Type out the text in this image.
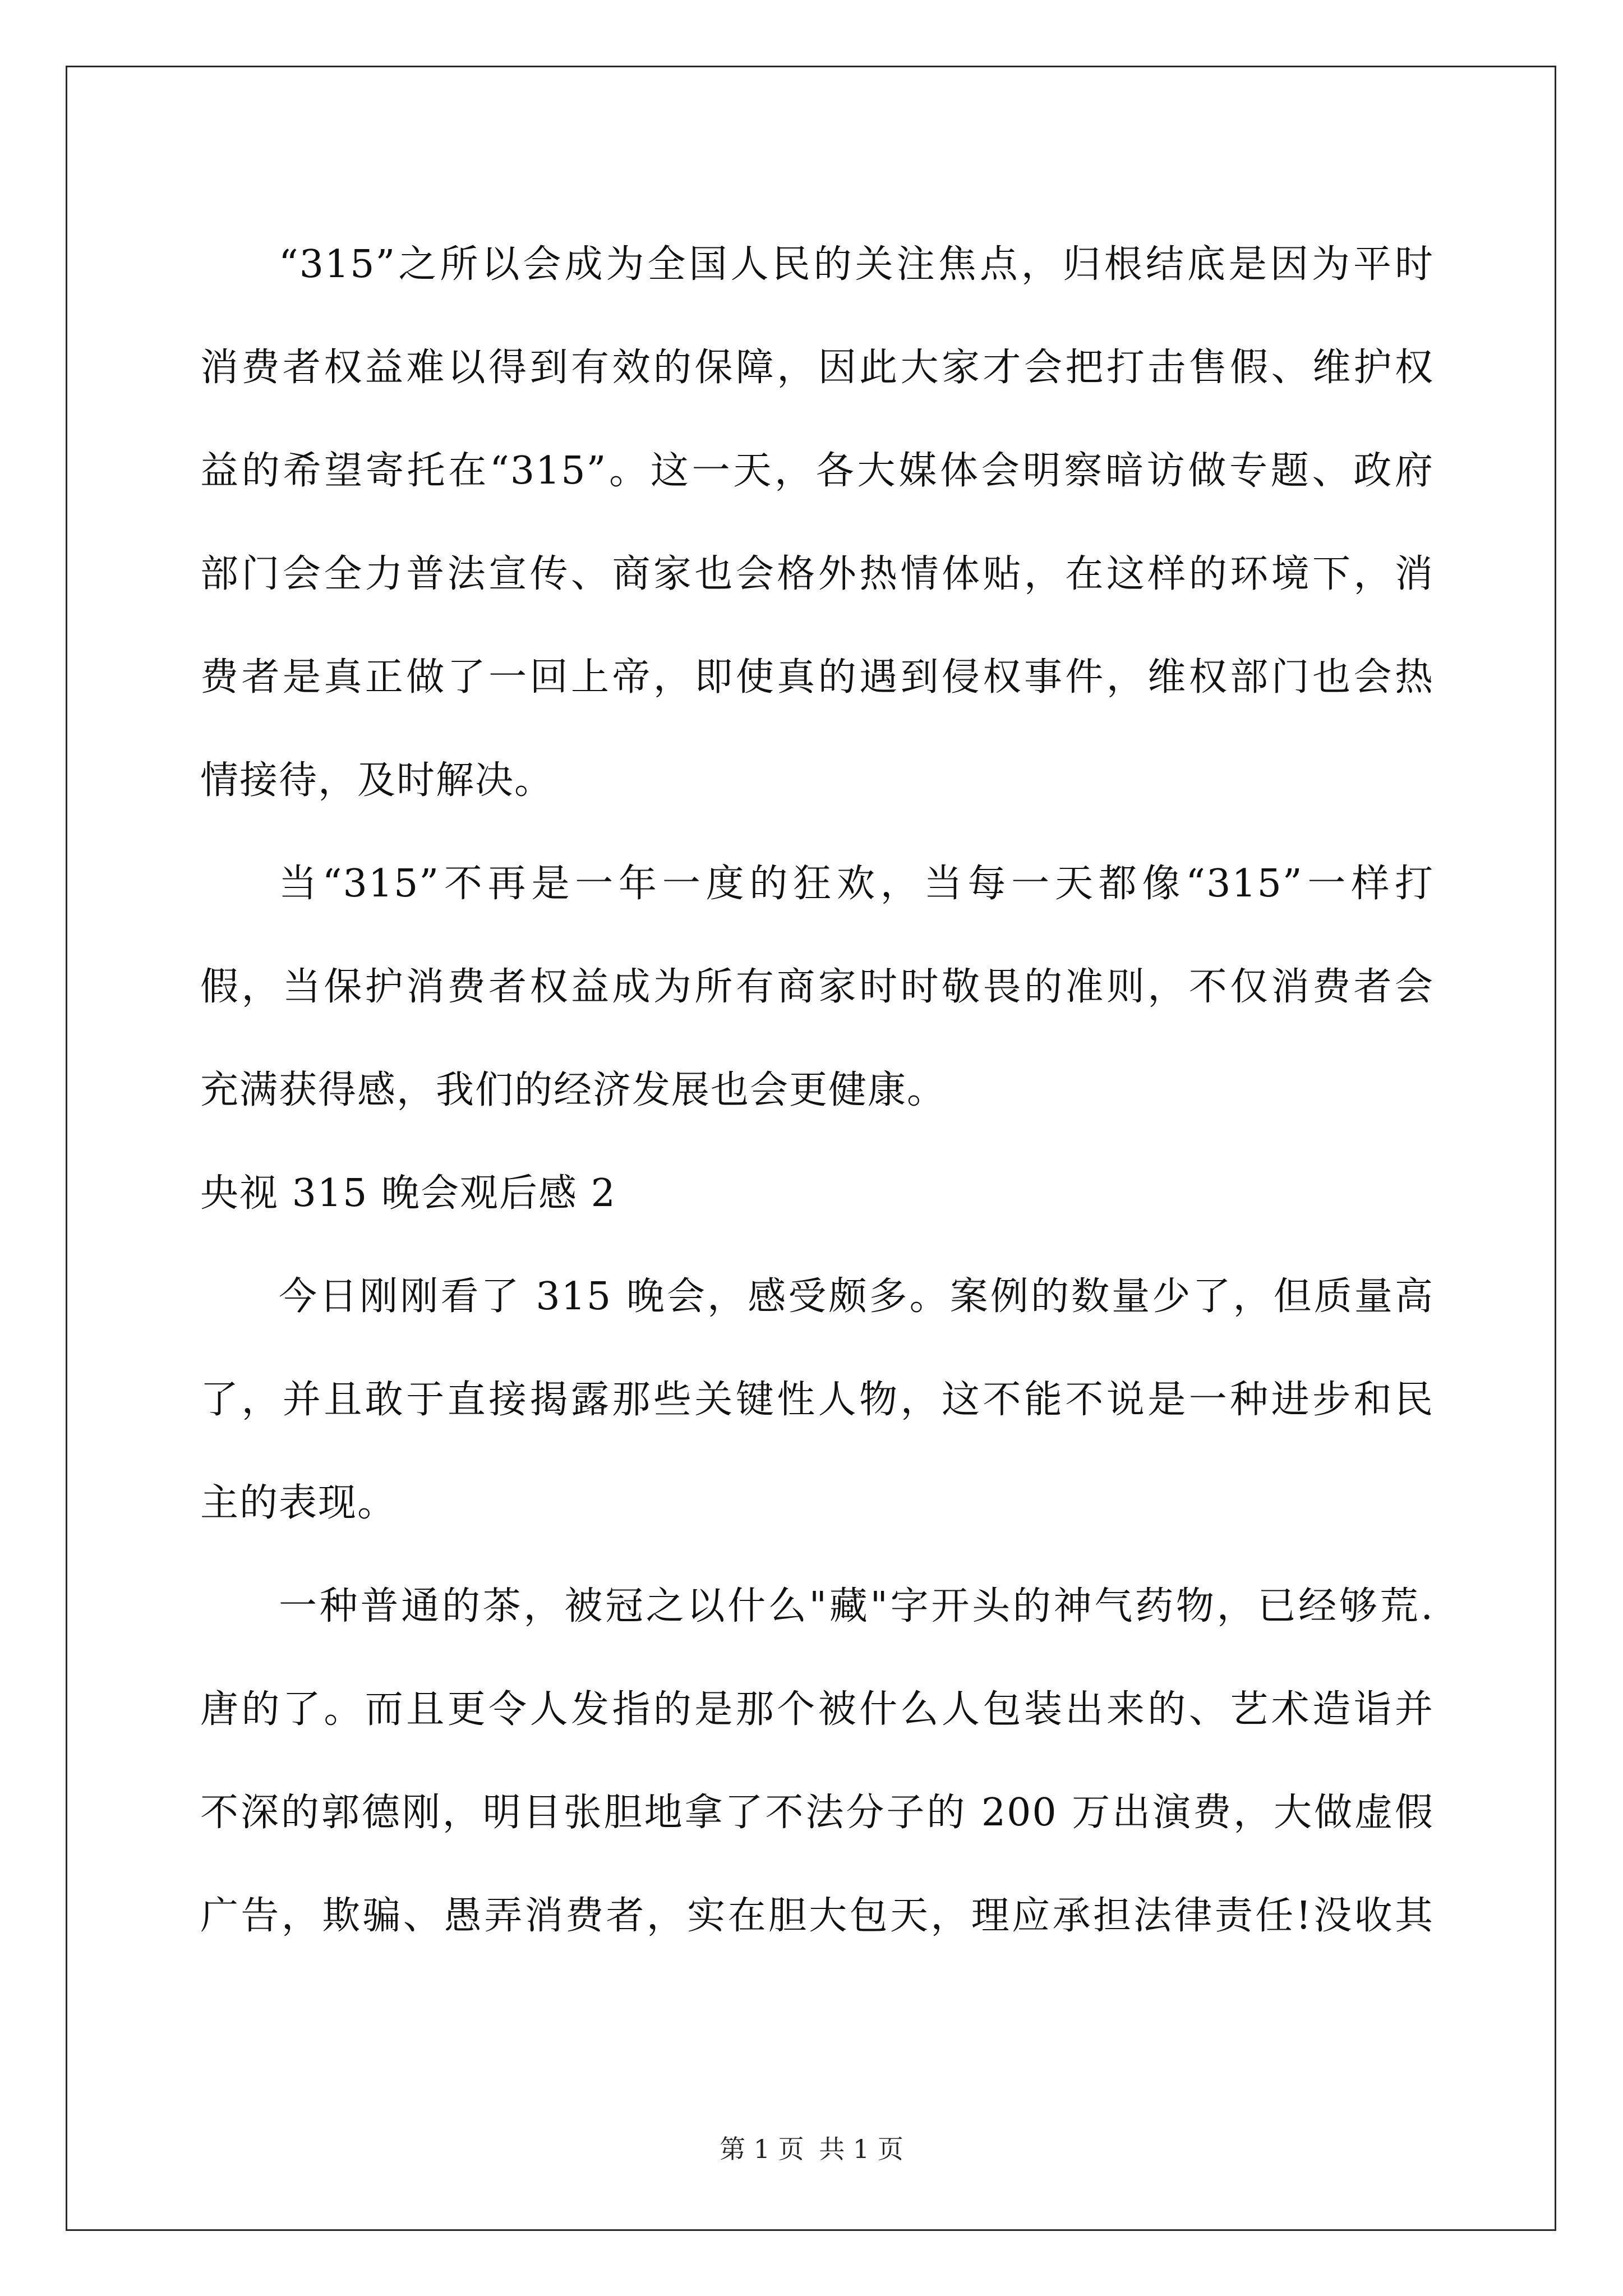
“315”之所以会成为全国人民的关注焦点，归根结底是因为平时
消费者权益难以得到有效的保障，因此大家才会把打击售假、维护权
益的希望寄托在“315”。这一天，各大媒体会明察暗访做专题、政府
部门会全力普法宣传、商家也会格外热情体贴，在这样的环境下，消
费者是真正做了一回上帝，即使真的遇到侵权事件，维权部门也会热
情接待，及时解决。
当“315”不再是一年一度的狂欢，当每一天都像“315”一样打
假，当保护消费者权益成为所有商家时时敬畏的准则，不仅消费者会
充满获得感，我们的经济发展也会更健康。
央视 315 晚会观后感 2
今日刚刚看了 315 晚会，感受颇多。案例的数量少了，但质量高
了，并且敢于直接揭露那些关键性人物，这不能不说是一种进步和民
主的表现。
一种普通的茶，被冠之以什么"藏"字开头的神气药物，已经够荒.
唐的了。而且更令人发指的是那个被什么人包装出来的、艺术造诣并
不深的郭德刚，明目张胆地拿了不法分子的 200 万出演费，大做虚假
广告，欺骗、愚弄消费者，实在胆大包天，理应承担法律责任!没收其
第 1 页 共 1 页
